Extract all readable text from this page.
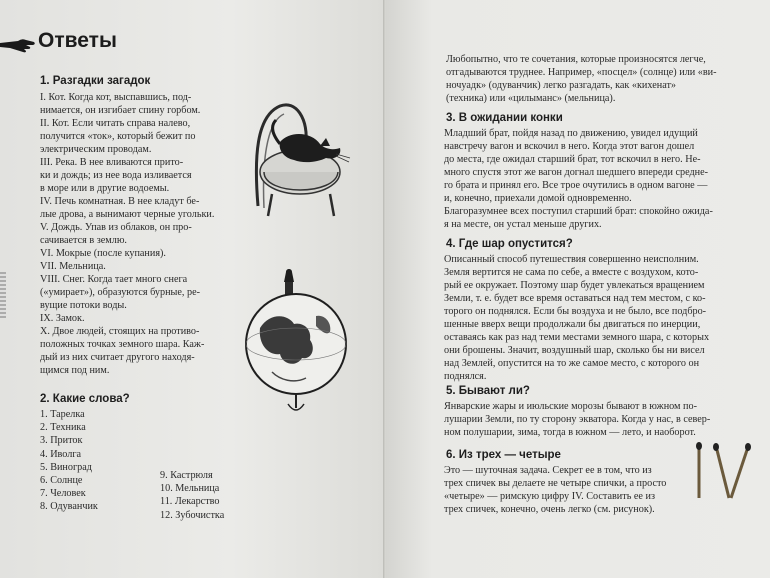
Ответы
1. Разгадки загадок
I. Кот. Когда кот, выспавшись, под-
нимается, он изгибает спину горбом.
II. Кот. Если читать справа налево,
получится «ток», который бежит по
электрическим проводам.
III. Река. В нее вливаются прито-
ки и дождь; из нее вода изливается
в море или в другие водоемы.
IV. Печь комнатная. В нее кладут бе-
лые дрова, а вынимают черные угольки.
V. Дождь. Упав из облаков, он про-
сачивается в землю.
VI. Мокрые (после купания).
VII. Мельница.
VIII. Снег. Когда тает много снега
(«умирает»), образуются бурные, ре-
вущие потоки воды.
IX. Замок.
X. Двое людей, стоящих на противо-
положных точках земного шара. Каж-
дый из них считает другого находя-
щимся под ним.
2. Какие слова?
1. Тарелка
2. Техника
3. Приток
4. Иволга
5. Виноград
6. Солнце
7. Человек
8. Одуванчик
9. Кастрюля
10. Мельница
11. Лекарство
12. Зубочистка
Любопытно, что те сочетания, которые произносятся легче,
отгадываются труднее. Например, «посцел» (солнце) или «ви-
ночуадк» (одуванчик) легко разгадать, как «кихенат»
(техника) или «цилыманс» (мельница).
3. В ожидании конки
Младший брат, пойдя назад по движению, увидел идущий
навстречу вагон и вскочил в него. Когда этот вагон дошел
до места, где ожидал старший брат, тот вскочил в него. Не-
много спустя этот же вагон догнал шедшего впереди средне-
го брата и принял его. Все трое очутились в одном вагоне —
и, конечно, приехали домой одновременно.
Благоразумнее всех поступил старший брат: спокойно ожида-
я на месте, он устал меньше других.
4. Где шар опустится?
Описанный способ путешествия совершенно неисполним.
Земля вертится не сама по себе, а вместе с воздухом, кото-
рый ее окружает. Поэтому шар будет увлекаться вращением
Земли, т. е. будет все время оставаться над тем местом, с ко-
торого он поднялся. Если бы воздуха и не было, все подбро-
шенные вверх вещи продолжали бы двигаться по инерции,
оставаясь как раз над теми местами земного шара, с которых
они брошены. Значит, воздушный шар, сколько бы ни висел
над Землей, опустится на то же самое место, с которого он
поднялся.
5. Бывают ли?
Январские жары и июльские морозы бывают в южном по-
лушарии Земли, по ту сторону экватора. Когда у нас, в север-
ном полушарии, зима, тогда в южном — лето, и наоборот.
6. Из трех — четыре
Это — шуточная задача. Секрет ее в том, что из
трех спичек вы делаете не четыре спички, а просто
«четыре» — римскую цифру IV. Составить ее из
трех спичек, конечно, очень легко (см. рисунок).
